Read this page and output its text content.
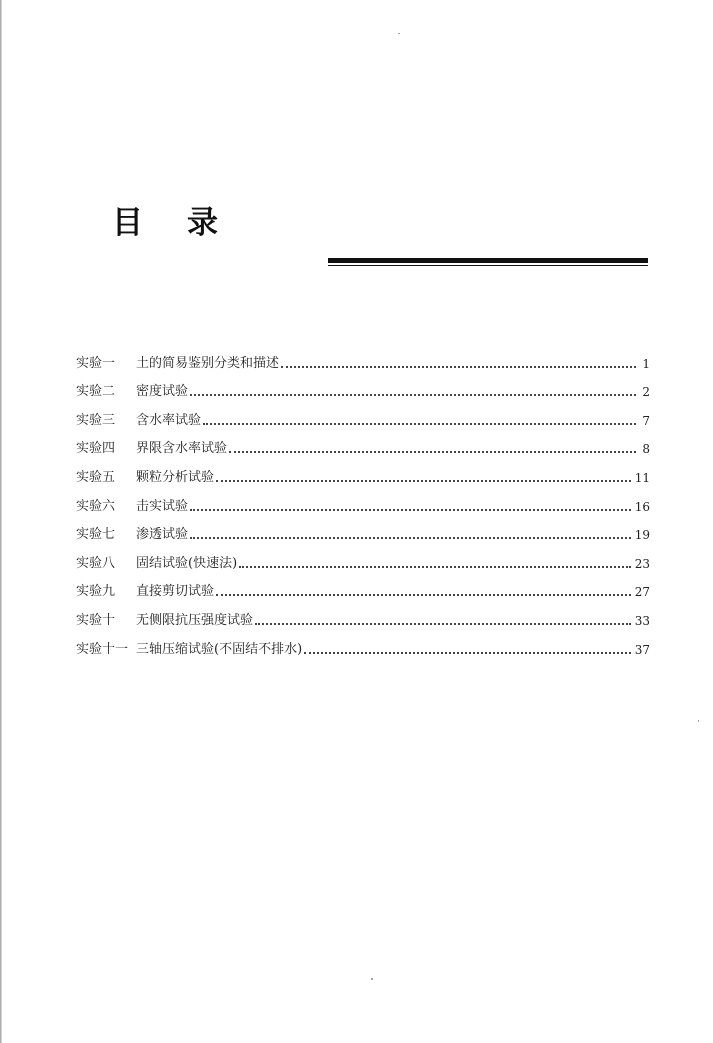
目 录
实验一	土的简易鉴别分类和描述	1
实验二	密度试验	2
实验三	含水率试验	7
实验四	界限含水率试验	8
实验五	颗粒分析试验	11
实验六	击实试验	16
实验七	渗透试验	19
实验八	固结试验(快速法)	23
实验九	直接剪切试验	27
实验十	无侧限抗压强度试验	33
实验十一 三轴压缩试验(不固结不排水)	37
